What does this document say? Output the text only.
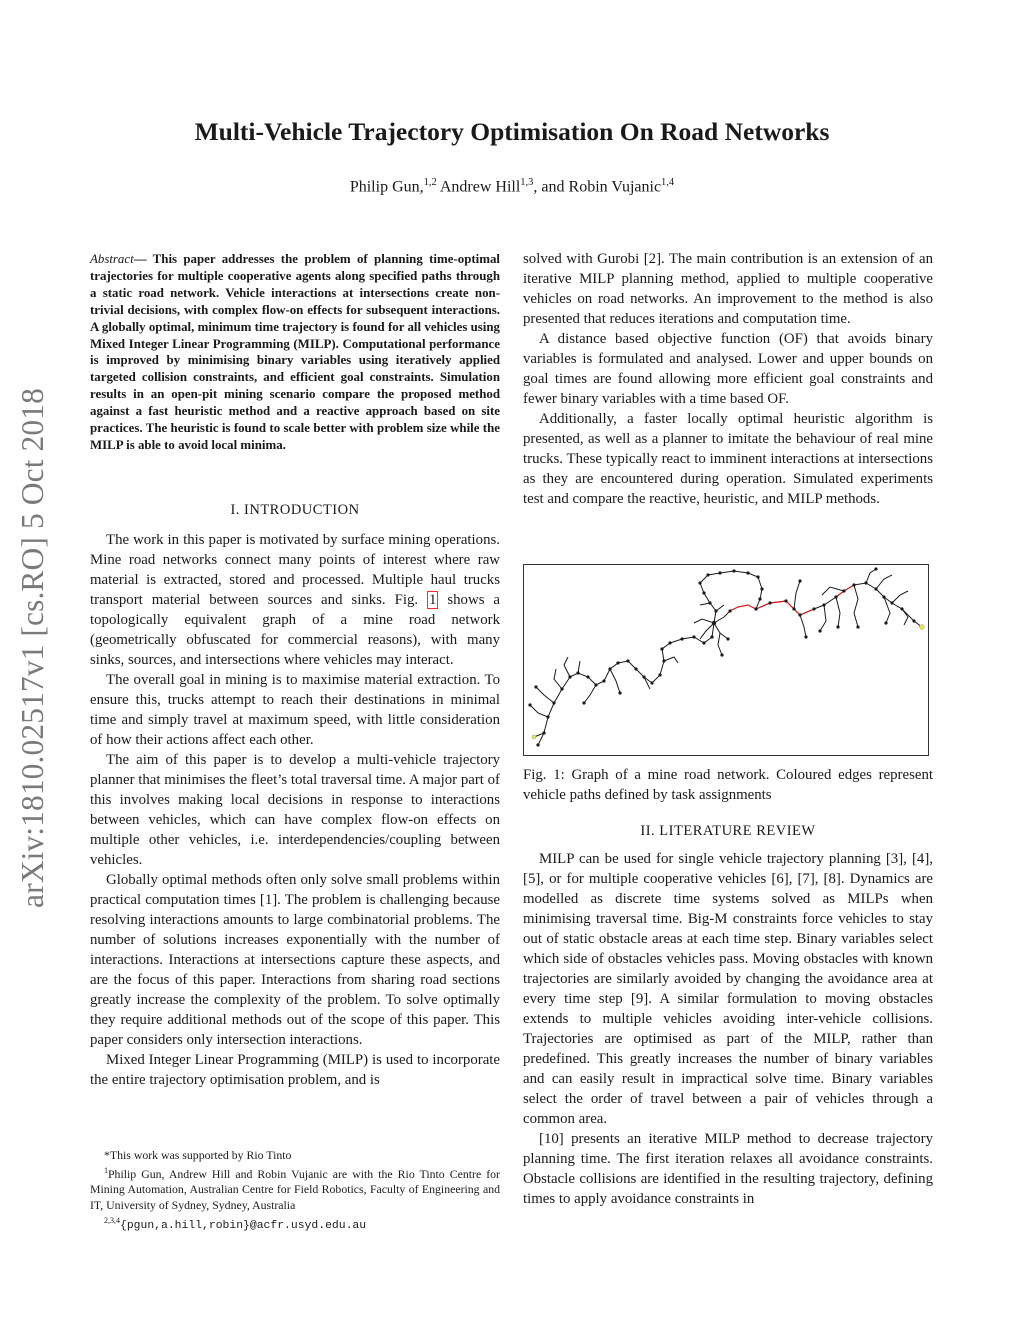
arXiv:1810.02517v1 [cs.RO] 5 Oct 2018
Multi-Vehicle Trajectory Optimisation On Road Networks
Philip Gun,$^{1,2}$ Andrew Hill$^{1,3}$, and Robin Vujanic$^{1,4}$

Abstract— This paper addresses the problem of planning time-optimal trajectories for multiple cooperative agents along specified paths through a static road network. Vehicle interactions at intersections create non-trivial decisions, with complex flow-on effects for subsequent interactions. A globally optimal, minimum time trajectory is found for all vehicles using Mixed Integer Linear Programming (MILP). Computational performance is improved by minimising binary variables using iteratively applied targeted collision constraints, and efficient goal constraints. Simulation results in an open-pit mining scenario compare the proposed method against a fast heuristic method and a reactive approach based on site practices. The heuristic is found to scale better with problem size while the MILP is able to avoid local minima.

I. INTRODUCTION

The work in this paper is motivated by surface mining operations. Mine road networks connect many points of interest where raw material is extracted, stored and processed. Multiple haul trucks transport material between sources and sinks. Fig. 1 shows a topologically equivalent graph of a mine road network (geometrically obfuscated for commercial reasons), with many sinks, sources, and intersections where vehicles may interact.

The overall goal in mining is to maximise material extraction. To ensure this, trucks attempt to reach their destinations in minimal time and simply travel at maximum speed, with little consideration of how their actions affect each other.

The aim of this paper is to develop a multi-vehicle trajectory planner that minimises the fleet’s total traversal time. A major part of this involves making local decisions in response to interactions between vehicles, which can have complex flow-on effects on multiple other vehicles, i.e. interdependencies/coupling between vehicles.

Globally optimal methods often only solve small problems within practical computation times [1]. The problem is challenging because resolving interactions amounts to large combinatorial problems. The number of solutions increases exponentially with the number of interactions. Interactions at intersections capture these aspects, and are the focus of this paper. Interactions from sharing road sections greatly increase the complexity of the problem. To solve optimally they require additional methods out of the scope of this paper. This paper considers only intersection interactions.

Mixed Integer Linear Programming (MILP) is used to incorporate the entire trajectory optimisation problem, and is

*This work was supported by Rio Tinto
$^1$Philip Gun, Andrew Hill and Robin Vujanic are with the Rio Tinto Centre for Mining Automation, Australian Centre for Field Robotics, Faculty of Engineering and IT, University of Sydney, Sydney, Australia
$^{2,3,4}${pgun,a.hill,robin}@acfr.usyd.edu.au

solved with Gurobi [2]. The main contribution is an extension of an iterative MILP planning method, applied to multiple cooperative vehicles on road networks. An improvement to the method is also presented that reduces iterations and computation time.

A distance based objective function (OF) that avoids binary variables is formulated and analysed. Lower and upper bounds on goal times are found allowing more efficient goal constraints and fewer binary variables with a time based OF.

Additionally, a faster locally optimal heuristic algorithm is presented, as well as a planner to imitate the behaviour of real mine trucks. These typically react to imminent interactions at intersections as they are encountered during operation. Simulated experiments test and compare the reactive, heuristic, and MILP methods.

Fig. 1: Graph of a mine road network. Coloured edges represent vehicle paths defined by task assignments
II. LITERATURE REVIEW

MILP can be used for single vehicle trajectory planning [3], [4], [5], or for multiple cooperative vehicles [6], [7], [8]. Dynamics are modelled as discrete time systems solved as MILPs when minimising traversal time. Big-M constraints force vehicles to stay out of static obstacle areas at each time step. Binary variables select which side of obstacles vehicles pass. Moving obstacles with known trajectories are similarly avoided by changing the avoidance area at every time step [9]. A similar formulation to moving obstacles extends to multiple vehicles avoiding inter-vehicle collisions. Trajectories are optimised as part of the MILP, rather than predefined. This greatly increases the number of binary variables and can easily result in impractical solve time. Binary variables select the order of travel between a pair of vehicles through a common area.

[10] presents an iterative MILP method to decrease trajectory planning time. The first iteration relaxes all avoidance constraints. Obstacle collisions are identified in the resulting trajectory, defining times to apply avoidance constraints in
